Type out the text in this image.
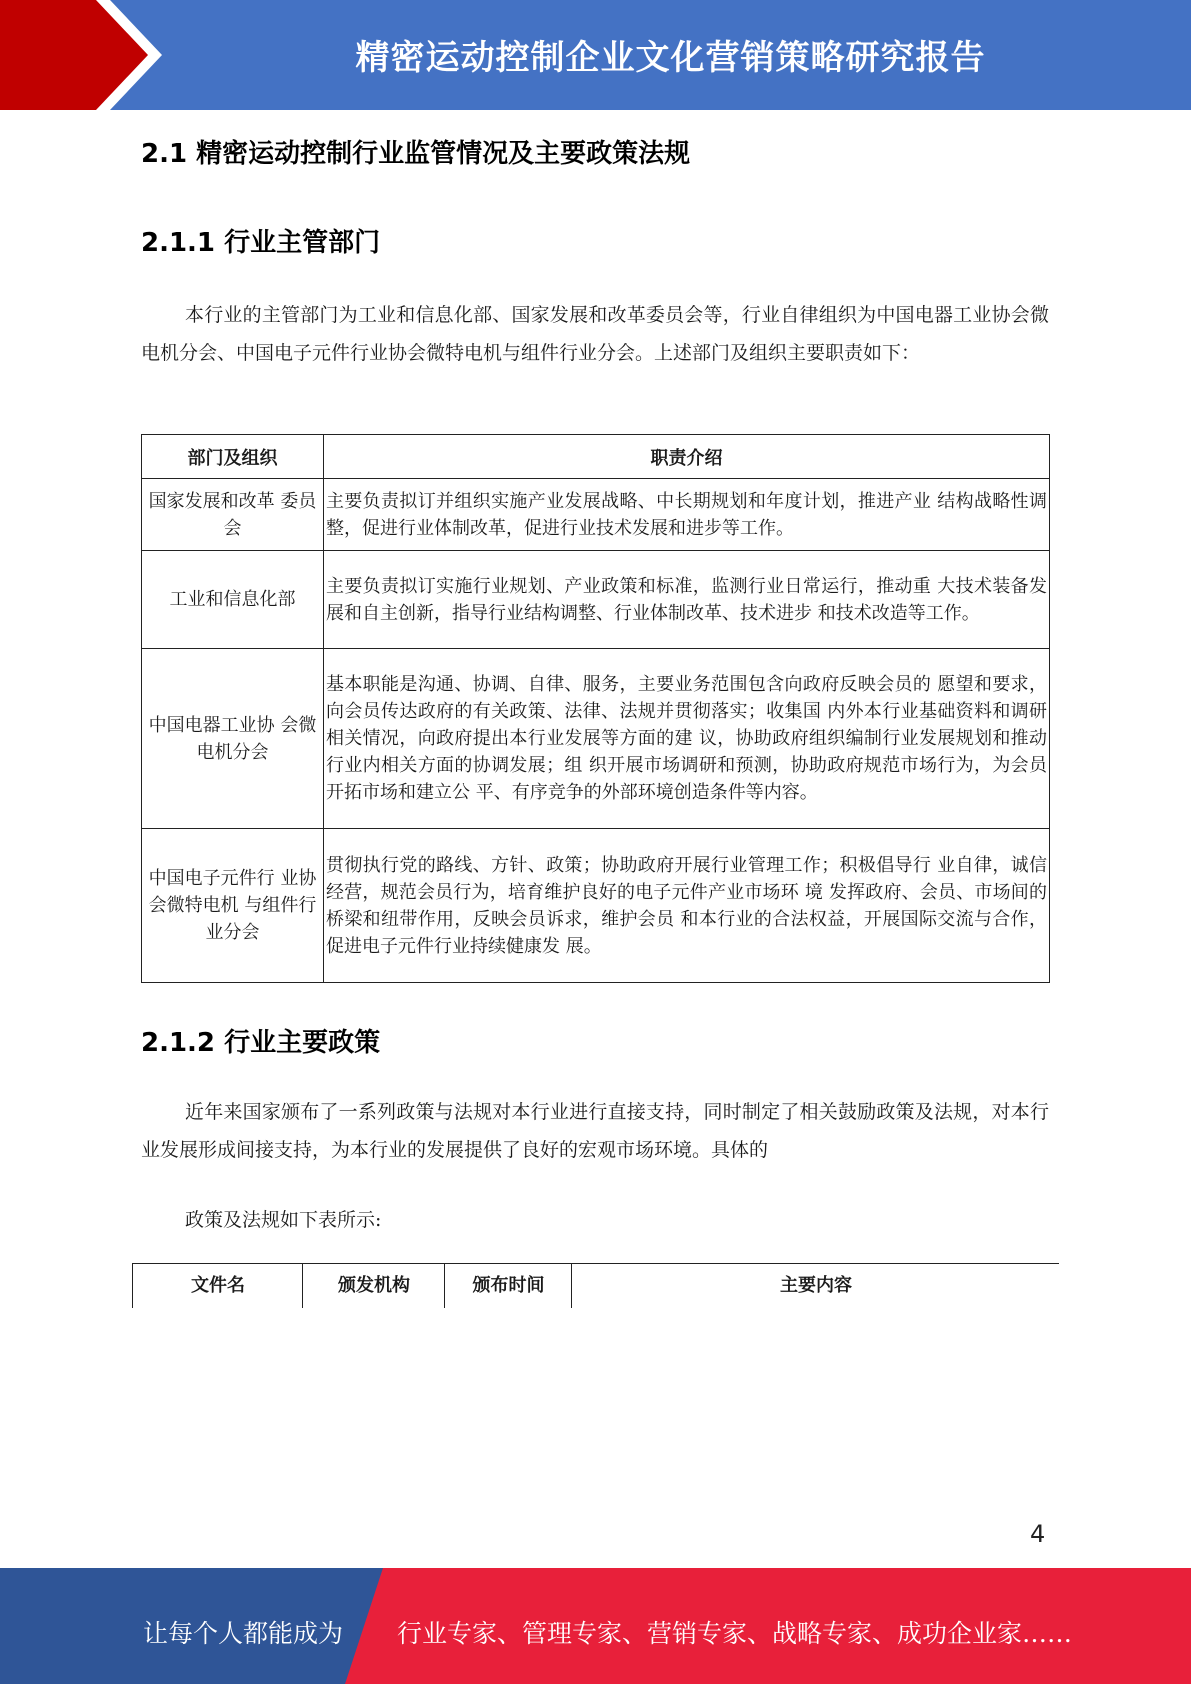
精密运动控制企业文化营销策略研究报告
2.1 精密运动控制行业监管情况及主要政策法规
2.1.1 行业主管部门

本行业的主管部门为工业和信息化部、国家发展和改革委员会等，行业自律组织为中国电器工业协会微电机分会、中国电子元件行业协会微特电机与组件行业分会。上述部门及组织主要职责如下：

部门及组织	职责介绍
国家发展和改革 委员会	主要负责拟订并组织实施产业发展战略、中长期规划和年度计划，推进产业 结构战略性调整，促进行业体制改革，促进行业技术发展和进步等工作。
工业和信息化部	主要负责拟订实施行业规划、产业政策和标准，监测行业日常运行，推动重 大技术装备发展和自主创新，指导行业结构调整、行业体制改革、技术进步 和技术改造等工作。
中国电器工业协 会微电机分会	基本职能是沟通、协调、自律、服务，主要业务范围包含向政府反映会员的 愿望和要求，向会员传达政府的有关政策、法律、法规并贯彻落实；收集国 内外本行业基础资料和调研相关情况，向政府提出本行业发展等方面的建 议，协助政府组织编制行业发展规划和推动行业内相关方面的协调发展；组 织开展市场调研和预测，协助政府规范市场行为，为会员开拓市场和建立公 平、有序竞争的外部环境创造条件等内容。
中国电子元件行 业协会微特电机 与组件行业分会	贯彻执行党的路线、方针、政策；协助政府开展行业管理工作；积极倡导行 业自律，诚信经营，规范会员行为，培育维护良好的电子元件产业市场环 境 发挥政府、会员、市场间的桥梁和纽带作用，反映会员诉求，维护会员 和本行业的合法权益，开展国际交流与合作，促进电子元件行业持续健康发 展。
2.1.2 行业主要政策

近年来国家颁布了一系列政策与法规对本行业进行直接支持，同时制定了相关鼓励政策及法规，对本行业发展形成间接支持，为本行业的发展提供了良好的宏观市场环境。具体的

政策及法规如下表所示:

文件名	颁发机构	颁布时间	主要内容
4
让每个人都能成为 行业专家、管理专家、营销专家、战略专家、成功企业家……
